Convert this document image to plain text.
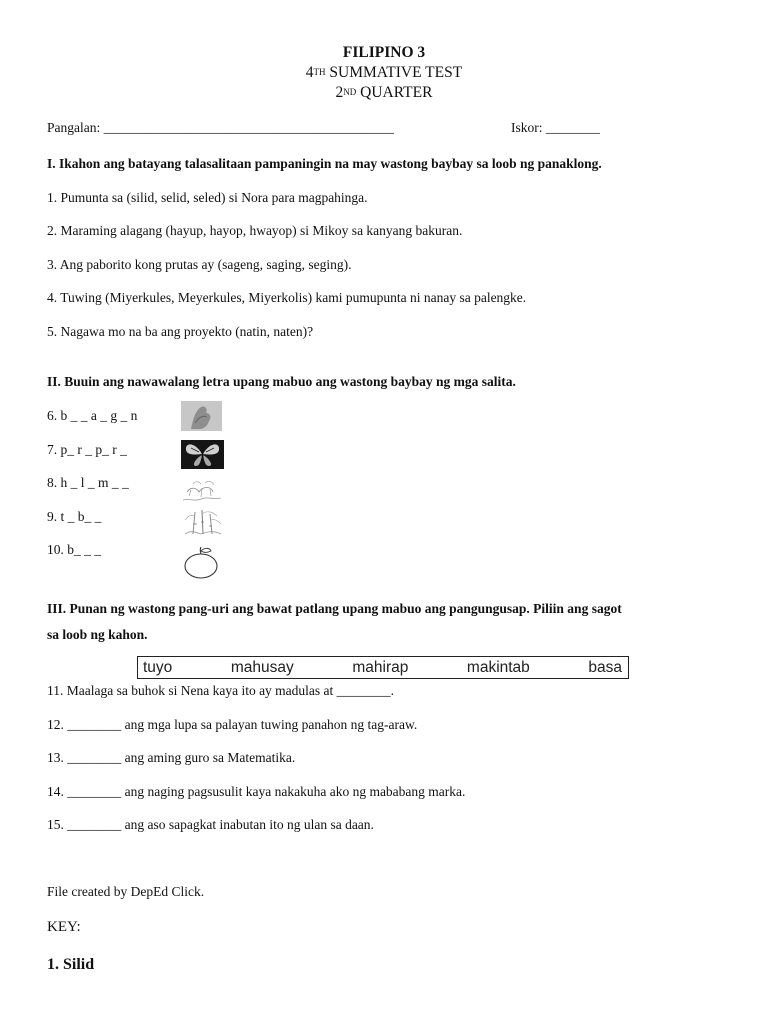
FILIPINO 3
4TH SUMMATIVE TEST
2ND QUARTER
Pangalan: ___________________________________________	Iskor: ________
I. Ikahon ang batayang talasalitaan pampaningin na may wastong baybay sa loob ng panaklong.
1. Pumunta sa (silid, selid, seled) si Nora para magpahinga.
2. Maraming alagang (hayup, hayop, hwayop) si Mikoy sa kanyang bakuran.
3. Ang paborito kong prutas ay (sageng, saging, seging).
4. Tuwing (Miyerkules, Meyerkules, Miyerkolis) kami pumupunta ni nanay sa palengke.
5. Nagawa mo na ba ang proyekto (natin, naten)?
II. Buuin ang nawawalang letra upang mabuo ang wastong baybay ng mga salita.
6. b _ _ a _ g _ n
7. p_ r _ p_ r _
8. h _ l _ m _ _
9. t _ b_ _
10. b_ _ _
III. Punan ng wastong pang-uri ang bawat patlang upang mabuo ang pangungusap. Piliin ang sagot
sa loob ng kahon.
tuyo	mahusay	mahirap	makintab	basa
11. Maalaga sa buhok si Nena kaya ito ay madulas at ________.
12. ________ ang mga lupa sa palayan tuwing panahon ng tag-araw.
13. ________ ang aming guro sa Matematika.
14. ________ ang naging pagsusulit kaya nakakuha ako ng mababang marka.
15. ________ ang aso sapagkat inabutan ito ng ulan sa daan.
File created by DepEd Click.
KEY:
1. Silid
